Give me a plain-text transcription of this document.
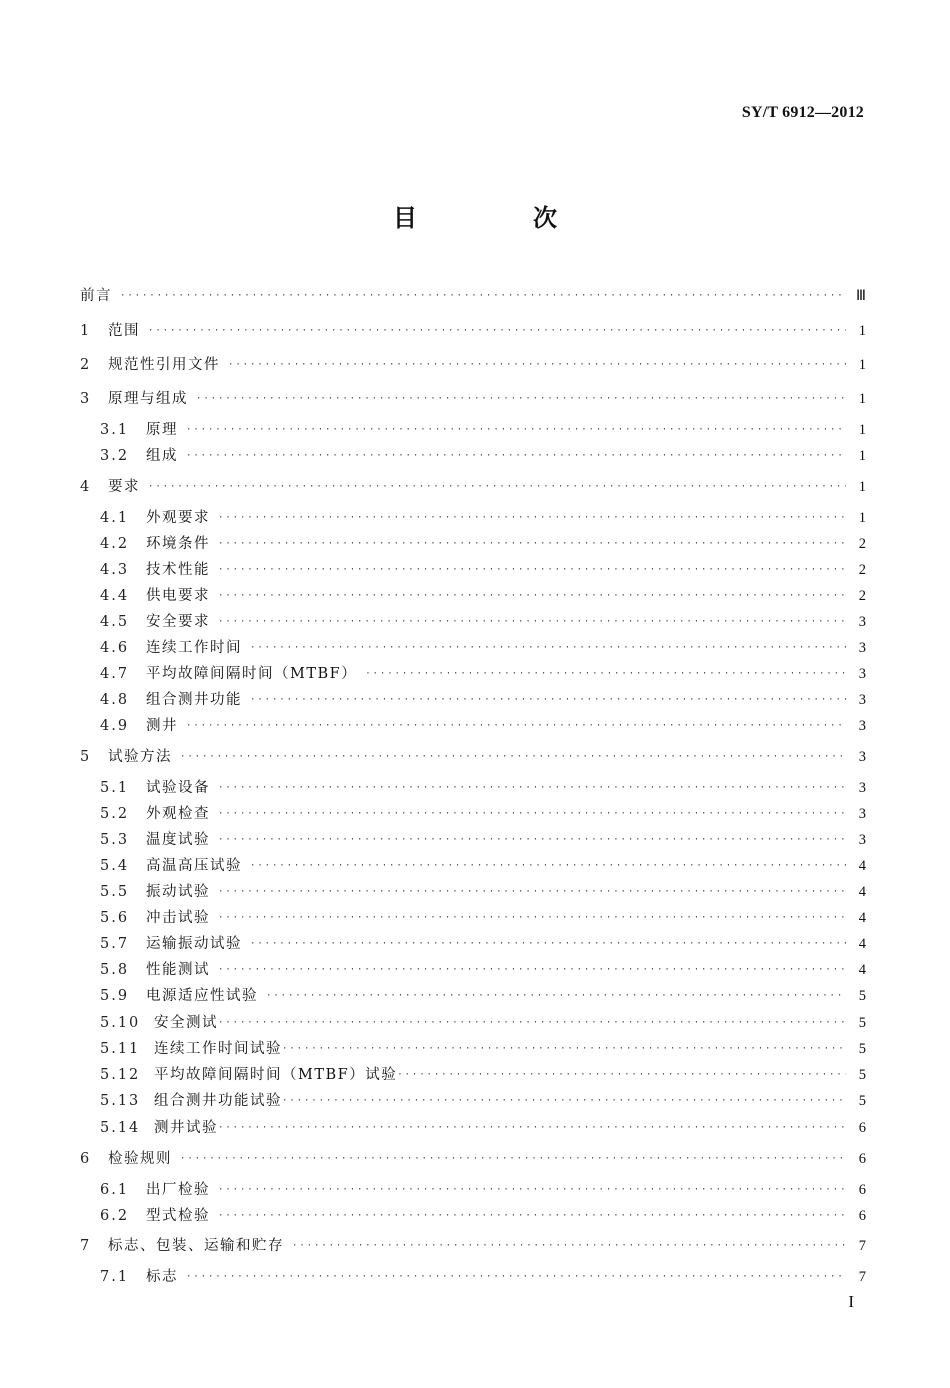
SY/T 6912—2012
目　次
前言 ·····	Ⅲ
1	范围 ·····	1
2	规范性引用文件 ·····	1
3	原理与组成 ·····	1
3.1	原理 ·····	1
3.2	组成 ·····	1
4	要求 ·····	1
4.1	外观要求 ·····	1
4.2	环境条件 ·····	2
4.3	技术性能 ·····	2
4.4	供电要求 ·····	2
4.5	安全要求 ·····	3
4.6	连续工作时间 ·····	3
4.7	平均故障间隔时间（MTBF） ·····	3
4.8	组合测井功能 ·····	3
4.9	测井 ·····	3
5	试验方法 ·····	3
5.1	试验设备 ·····	3
5.2	外观检查 ·····	3
5.3	温度试验 ·····	3
5.4	高温高压试验 ·····	4
5.5	振动试验 ·····	4
5.6	冲击试验 ·····	4
5.7	运输振动试验 ·····	4
5.8	性能测试 ·····	4
5.9	电源适应性试验 ·····	5
5.10 安全测试 ·····	5
5.11 连续工作时间试验 ·····	5
5.12 平均故障间隔时间（MTBF）试验 ·····	5
5.13 组合测井功能试验 ·····	5
5.14 测井试验 ·····	6
6	检验规则 ·····	6
6.1	出厂检验 ·····	6
6.2	型式检验 ·····	6
7	标志、包装、运输和贮存 ·····	7
7.1	标志 ·····	7
I
